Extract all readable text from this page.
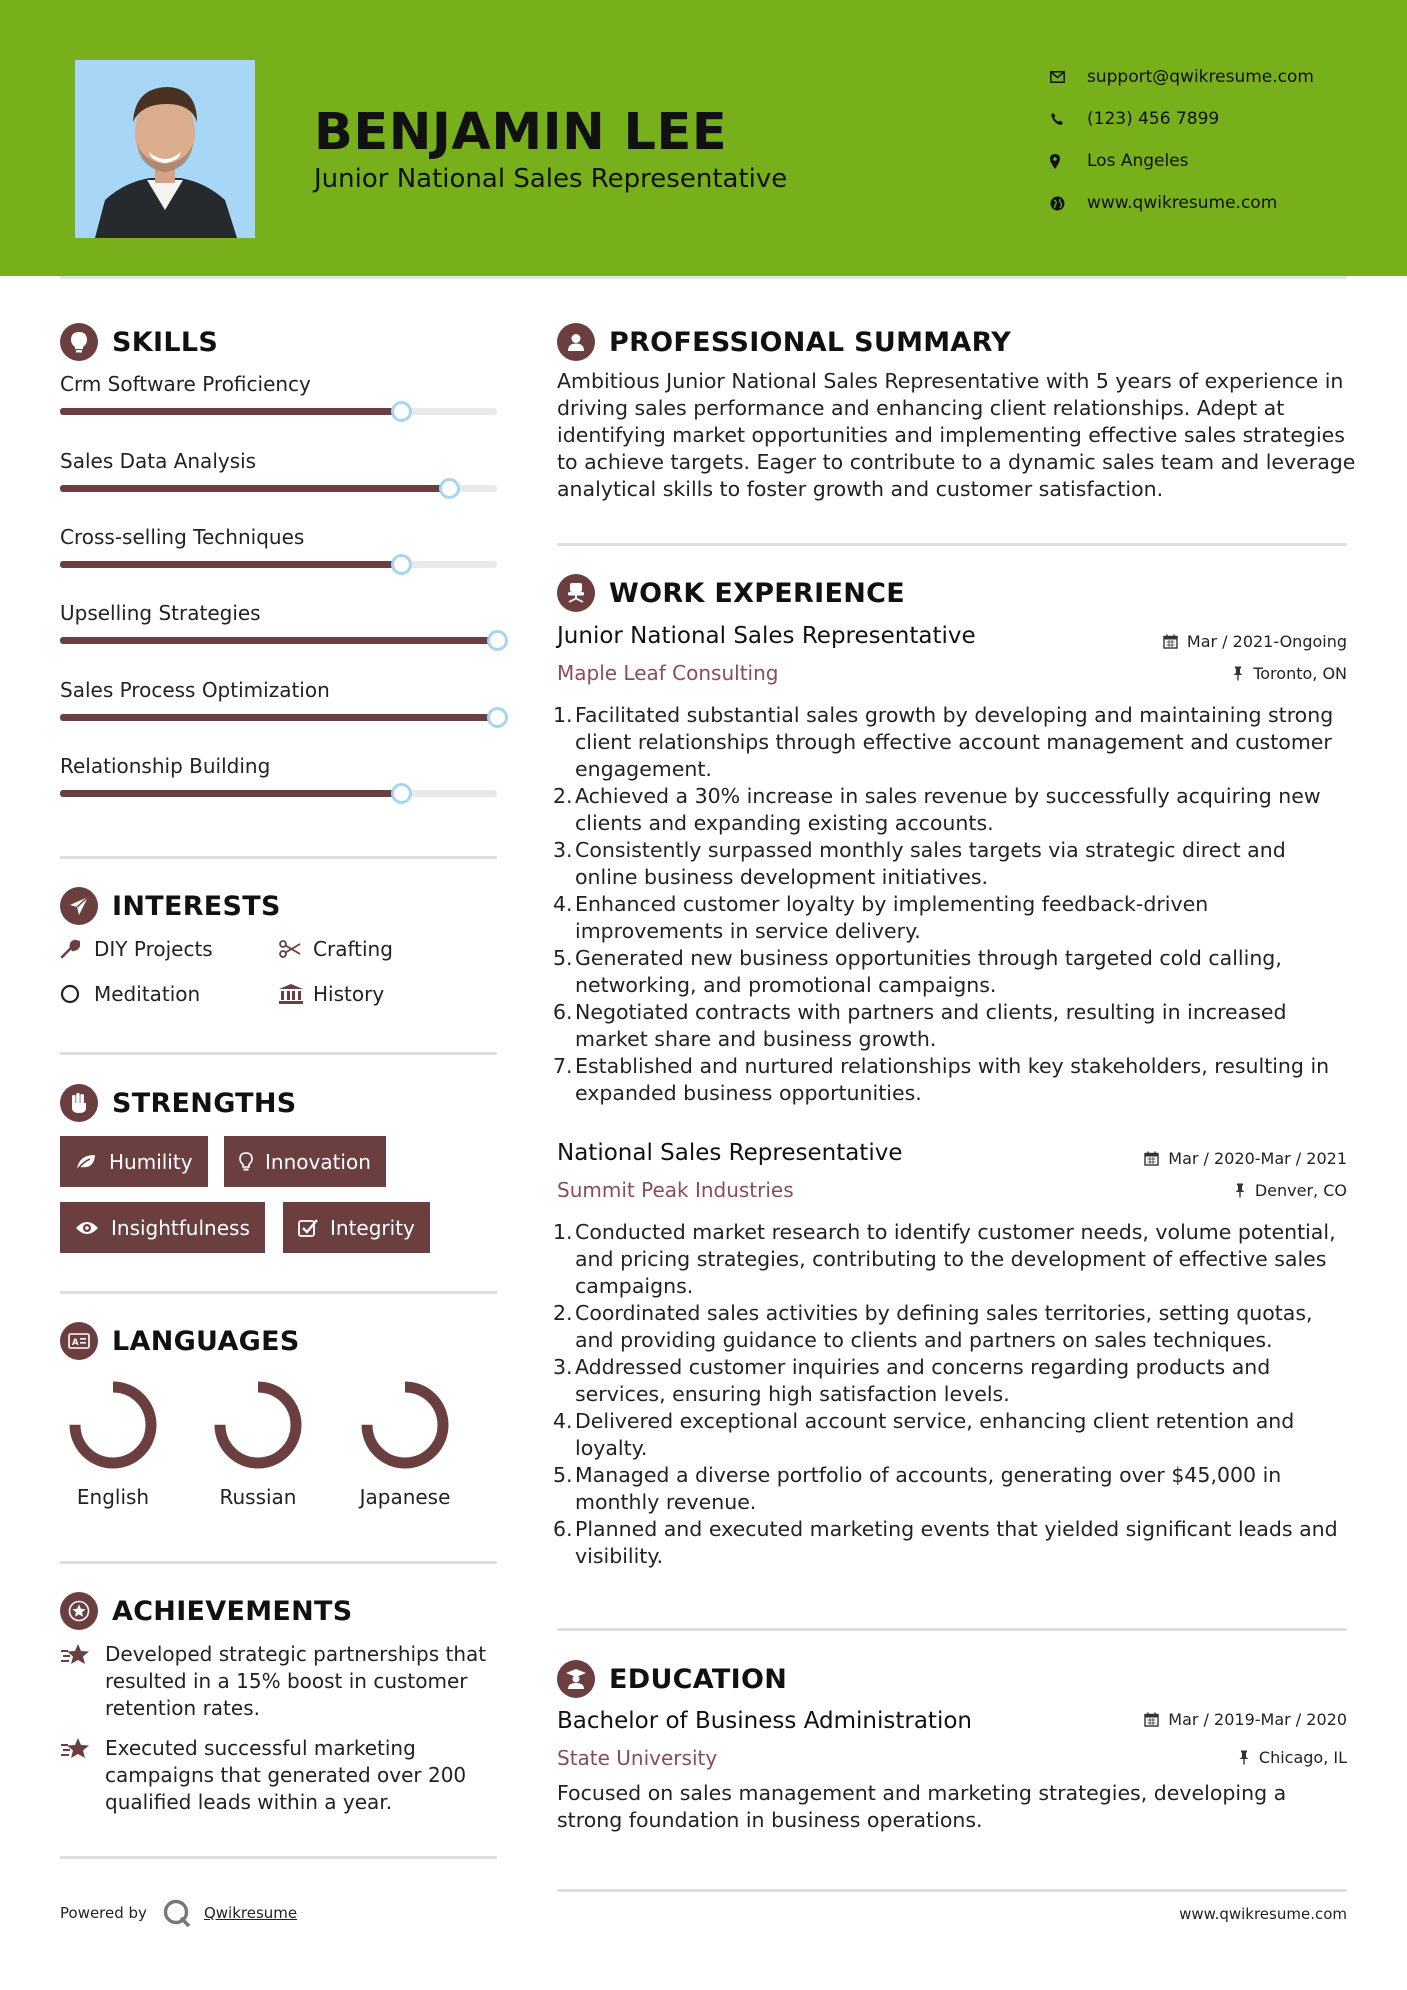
BENJAMIN LEE
Junior National Sales Representative
support@qwikresume.com
(123) 456 7899
Los Angeles
www.qwikresume.com
SKILLS
Crm Software Proficiency
Sales Data Analysis
Cross-selling Techniques
Upselling Strategies
Sales Process Optimization
Relationship Building
INTERESTS
DIY Projects	Crafting
Meditation	History
STRENGTHS
Humility	Innovation
Insightfulness	Integrity
A LANGUAGES
English	Russian	Japanese
ACHIEVEMENTS
Developed strategic partnerships that resulted in a 15% boost in customer retention rates.
Executed successful marketing campaigns that generated over 200 qualified leads within a year.
PROFESSIONAL SUMMARY
Ambitious Junior National Sales Representative with 5 years of experience in driving sales performance and enhancing client relationships. Adept at identifying market opportunities and implementing effective sales strategies to achieve targets. Eager to contribute to a dynamic sales team and leverage analytical skills to foster growth and customer satisfaction.
WORK EXPERIENCE
Junior National Sales Representative	Mar / 2021-Ongoing
Maple Leaf Consulting	Toronto, ON
1. Facilitated substantial sales growth by developing and maintaining strong client relationships through effective account management and customer engagement.
2. Achieved a 30% increase in sales revenue by successfully acquiring new clients and expanding existing accounts.
3. Consistently surpassed monthly sales targets via strategic direct and online business development initiatives.
4. Enhanced customer loyalty by implementing feedback-driven improvements in service delivery.
5. Generated new business opportunities through targeted cold calling, networking, and promotional campaigns.
6. Negotiated contracts with partners and clients, resulting in increased market share and business growth.
7. Established and nurtured relationships with key stakeholders, resulting in expanded business opportunities.
National Sales Representative	Mar / 2020-Mar / 2021
Summit Peak Industries	Denver, CO
1. Conducted market research to identify customer needs, volume potential, and pricing strategies, contributing to the development of effective sales campaigns.
2. Coordinated sales activities by defining sales territories, setting quotas, and providing guidance to clients and partners on sales techniques.
3. Addressed customer inquiries and concerns regarding products and services, ensuring high satisfaction levels.
4. Delivered exceptional account service, enhancing client retention and loyalty.
5. Managed a diverse portfolio of accounts, generating over $45,000 in monthly revenue.
6. Planned and executed marketing events that yielded significant leads and visibility.
EDUCATION
Bachelor of Business Administration	Mar / 2019-Mar / 2020
State University	Chicago, IL
Focused on sales management and marketing strategies, developing a strong foundation in business operations.
Powered by	Qwikresume	www.qwikresume.com
